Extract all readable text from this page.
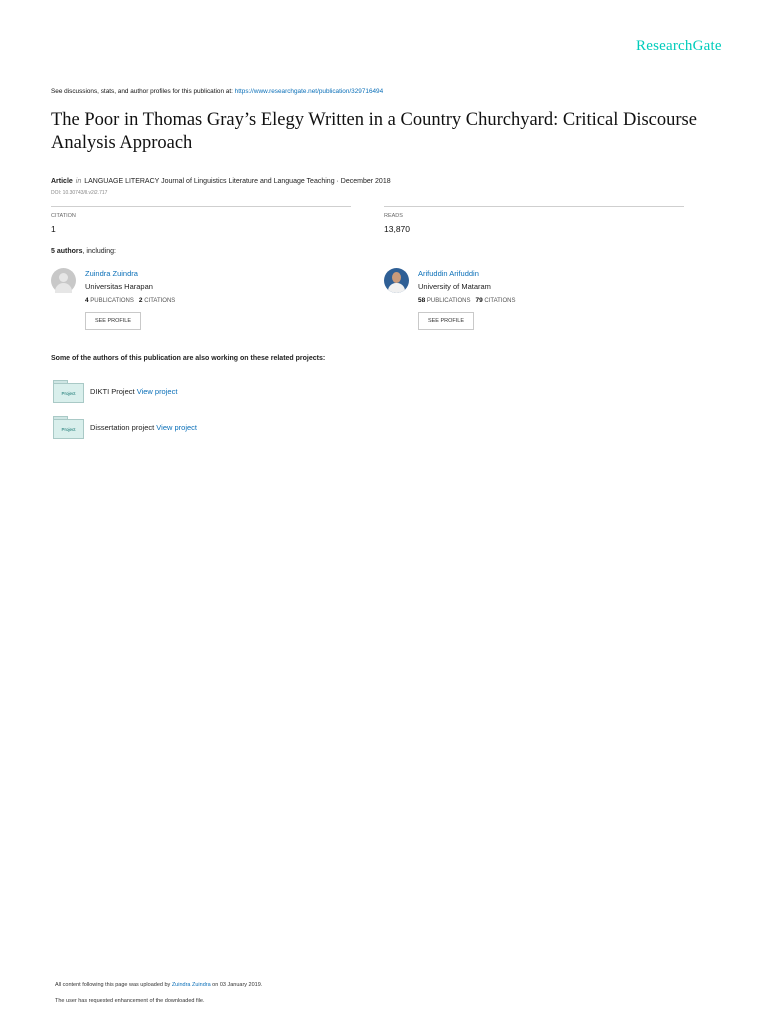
ResearchGate
See discussions, stats, and author profiles for this publication at: https://www.researchgate.net/publication/329716494
The Poor in Thomas Gray’s Elegy Written in a Country Churchyard: Critical Discourse Analysis Approach
Article in LANGUAGE LITERACY Journal of Linguistics Literature and Language Teaching · December 2018
DOI: 10.30743/ll.v2i2.717
CITATION
1
READS
13,870
5 authors, including:
Zuindra Zuindra
Universitas Harapan
4 PUBLICATIONS 2 CITATIONS
SEE PROFILE
Arifuddin Arifuddin
University of Mataram
58 PUBLICATIONS 79 CITATIONS
SEE PROFILE
Some of the authors of this publication are also working on these related projects:
Project	DIKTI Project View project
Project	Dissertation project View project
All content following this page was uploaded by Zuindra Zuindra on 03 January 2019.
The user has requested enhancement of the downloaded file.
